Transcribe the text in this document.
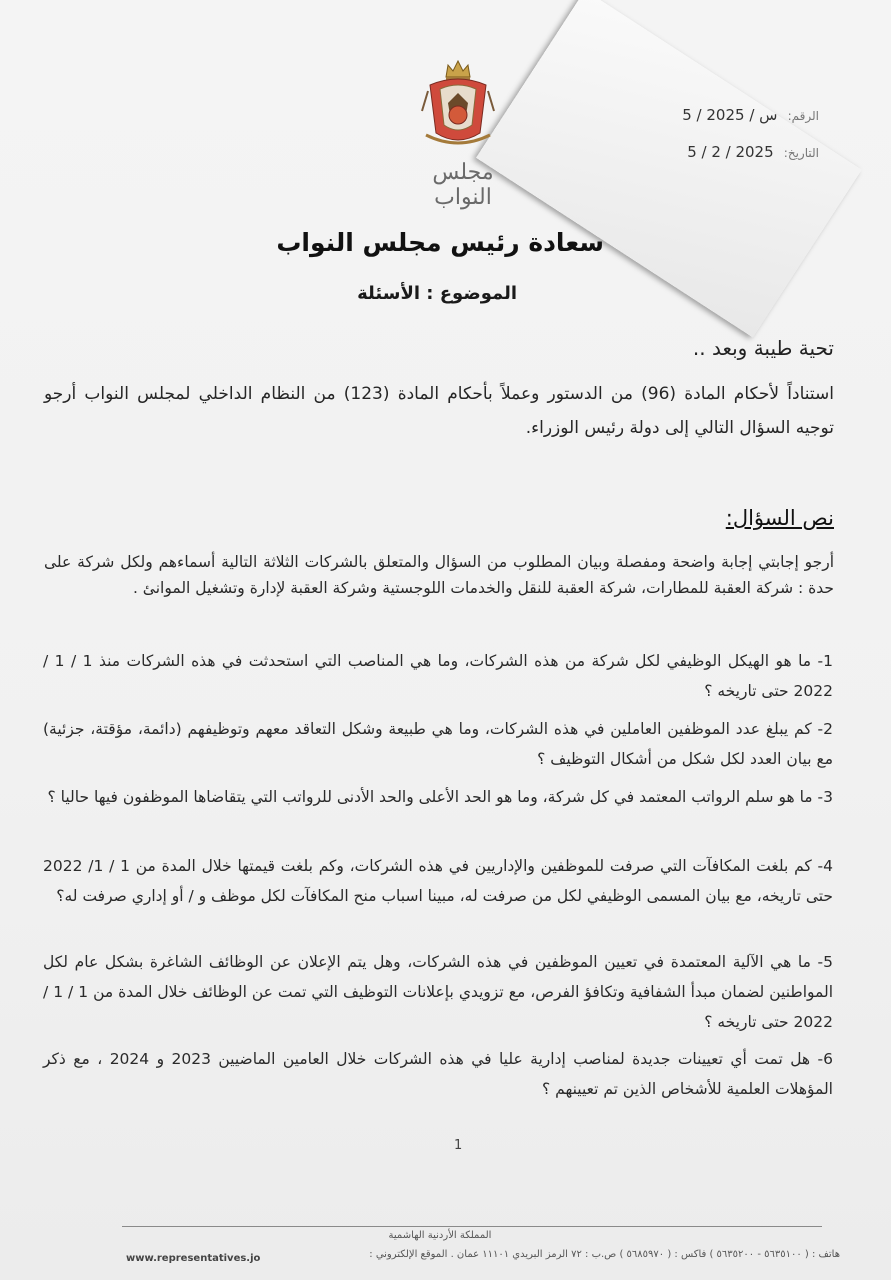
مجلس النواب
الرقم: 5 / س / 2025
التاريخ: 5 / 2 / 2025
سعادة رئيس مجلس النواب
الموضوع : الأسئلة
تحية طيبة وبعد ..
استناداً لأحكام المادة (96) من الدستور وعملاً بأحكام المادة (123) من النظام الداخلي لمجلس النواب أرجو توجيه السؤال التالي إلى دولة رئيس الوزراء.
نص السؤال:
أرجو إجابتي إجابة واضحة ومفصلة وبيان المطلوب من السؤال والمتعلق بالشركات الثلاثة التالية أسماءهم ولكل شركة على حدة : شركة العقبة للمطارات، شركة العقبة للنقل والخدمات اللوجستية وشركة العقبة لإدارة وتشغيل الموانئ .
1- ما هو الهيكل الوظيفي لكل شركة من هذه الشركات، وما هي المناصب التي استحدثت في هذه الشركات منذ 1 / 1 / 2022 حتى تاريخه ؟
2- كم يبلغ عدد الموظفين العاملين في هذه الشركات، وما هي طبيعة وشكل التعاقد معهم وتوظيفهم (دائمة، مؤقتة، جزئية) مع بيان العدد لكل شكل من أشكال التوظيف ؟
3- ما هو سلم الرواتب المعتمد في كل شركة، وما هو الحد الأعلى والحد الأدنى للرواتب التي يتقاضاها الموظفون فيها حاليا ؟
4- كم بلغت المكافآت التي صرفت للموظفين والإداريين في هذه الشركات، وكم بلغت قيمتها خلال المدة من 1 / 1/ 2022 حتى تاريخه، مع بيان المسمى الوظيفي لكل من صرفت له، مبينا اسباب منح المكافآت لكل موظف و / أو إداري صرفت له؟
5- ما هي الآلية المعتمدة في تعيين الموظفين في هذه الشركات، وهل يتم الإعلان عن الوظائف الشاغرة بشكل عام لكل المواطنين لضمان مبدأ الشفافية وتكافؤ الفرص، مع تزويدي بإعلانات التوظيف التي تمت عن الوظائف خلال المدة من 1 / 1 / 2022 حتى تاريخه ؟
6- هل تمت أي تعيينات جديدة لمناصب إدارية عليا في هذه الشركات خلال العامين الماضيين 2023 و 2024 ، مع ذكر المؤهلات العلمية للأشخاص الذين تم تعيينهم ؟
1
المملكة الأردنية الهاشمية
هاتف : ( ٥٦٣٥١٠٠ - ٥٦٣٥٢٠٠ ) فاكس : ( ٥٦٨٥٩٧٠ ) ص.ب : ٧٢ الرمز البريدي ١١١٠١ عمان . الموقع الإلكتروني :
www.representatives.jo
